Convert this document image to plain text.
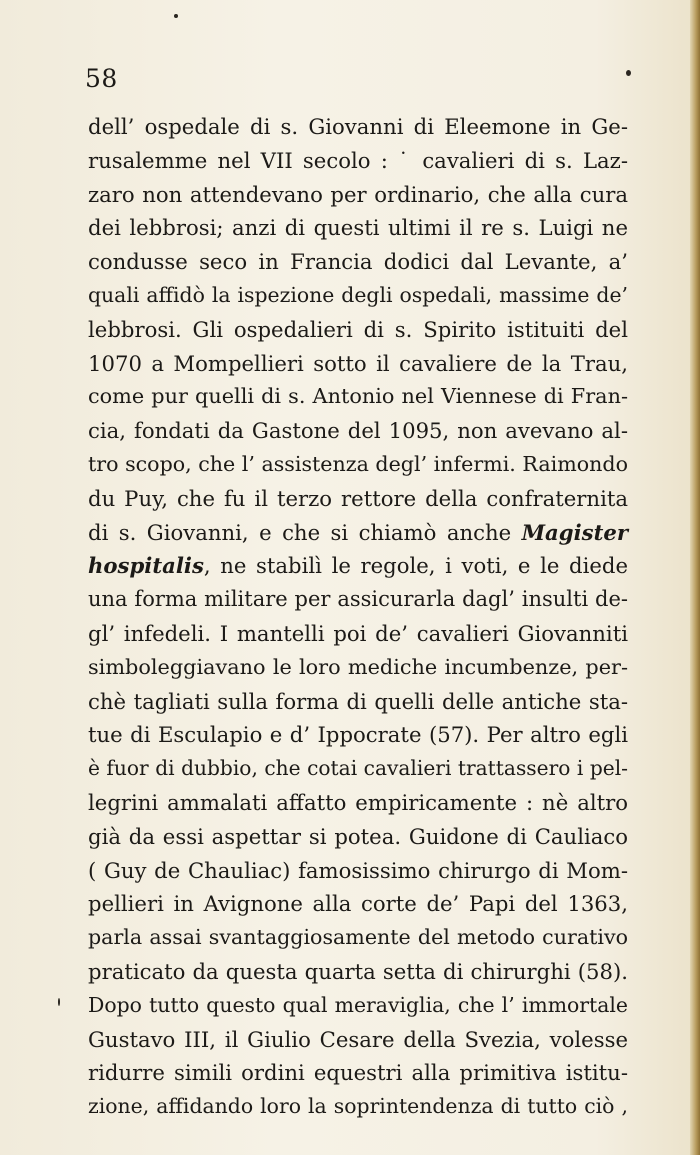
58
dell’ ospedale di s. Giovanni di Eleemone in Ge-
rusalemme nel VII secolo : ˙ cavalieri di s. Laz-
zaro non attendevano per ordinario, che alla cura
dei lebbrosi; anzi di questi ultimi il re s. Luigi ne
condusse seco in Francia dodici dal Levante, a’
quali affidò la ispezione degli ospedali, massime de’
lebbrosi. Gli ospedalieri di s. Spirito istituiti del
1070 a Mompellieri sotto il cavaliere de la Trau,
come pur quelli di s. Antonio nel Viennese di Fran-
cia, fondati da Gastone del 1095, non avevano al-
tro scopo, che l’ assistenza degl’ infermi. Raimondo
du Puy, che fu il terzo rettore della confraternita
di s. Giovanni, e che si chiamò anche Magister
hospitalis, ne stabilì le regole, i voti, e le diede
una forma militare per assicurarla dagl’ insulti de-
gl’ infedeli. I mantelli poi de’ cavalieri Giovanniti
simboleggiavano le loro mediche incumbenze, per-
chè tagliati sulla forma di quelli delle antiche sta-
tue di Esculapio e d’ Ippocrate (57). Per altro egli
è fuor di dubbio, che cotai cavalieri trattassero i pel-
legrini ammalati affatto empiricamente : nè altro
già da essi aspettar si potea. Guidone di Cauliaco
( Guy de Chauliac) famosissimo chirurgo di Mom-
pellieri in Avignone alla corte de’ Papi del 1363,
parla assai svantaggiosamente del metodo curativo
praticato da questa quarta setta di chirurghi (58).
Dopo tutto questo qual meraviglia, che l’ immortale
Gustavo III, il Giulio Cesare della Svezia, volesse
ridurre simili ordini equestri alla primitiva istitu-
zione, affidando loro la soprintendenza di tutto ciò ,
